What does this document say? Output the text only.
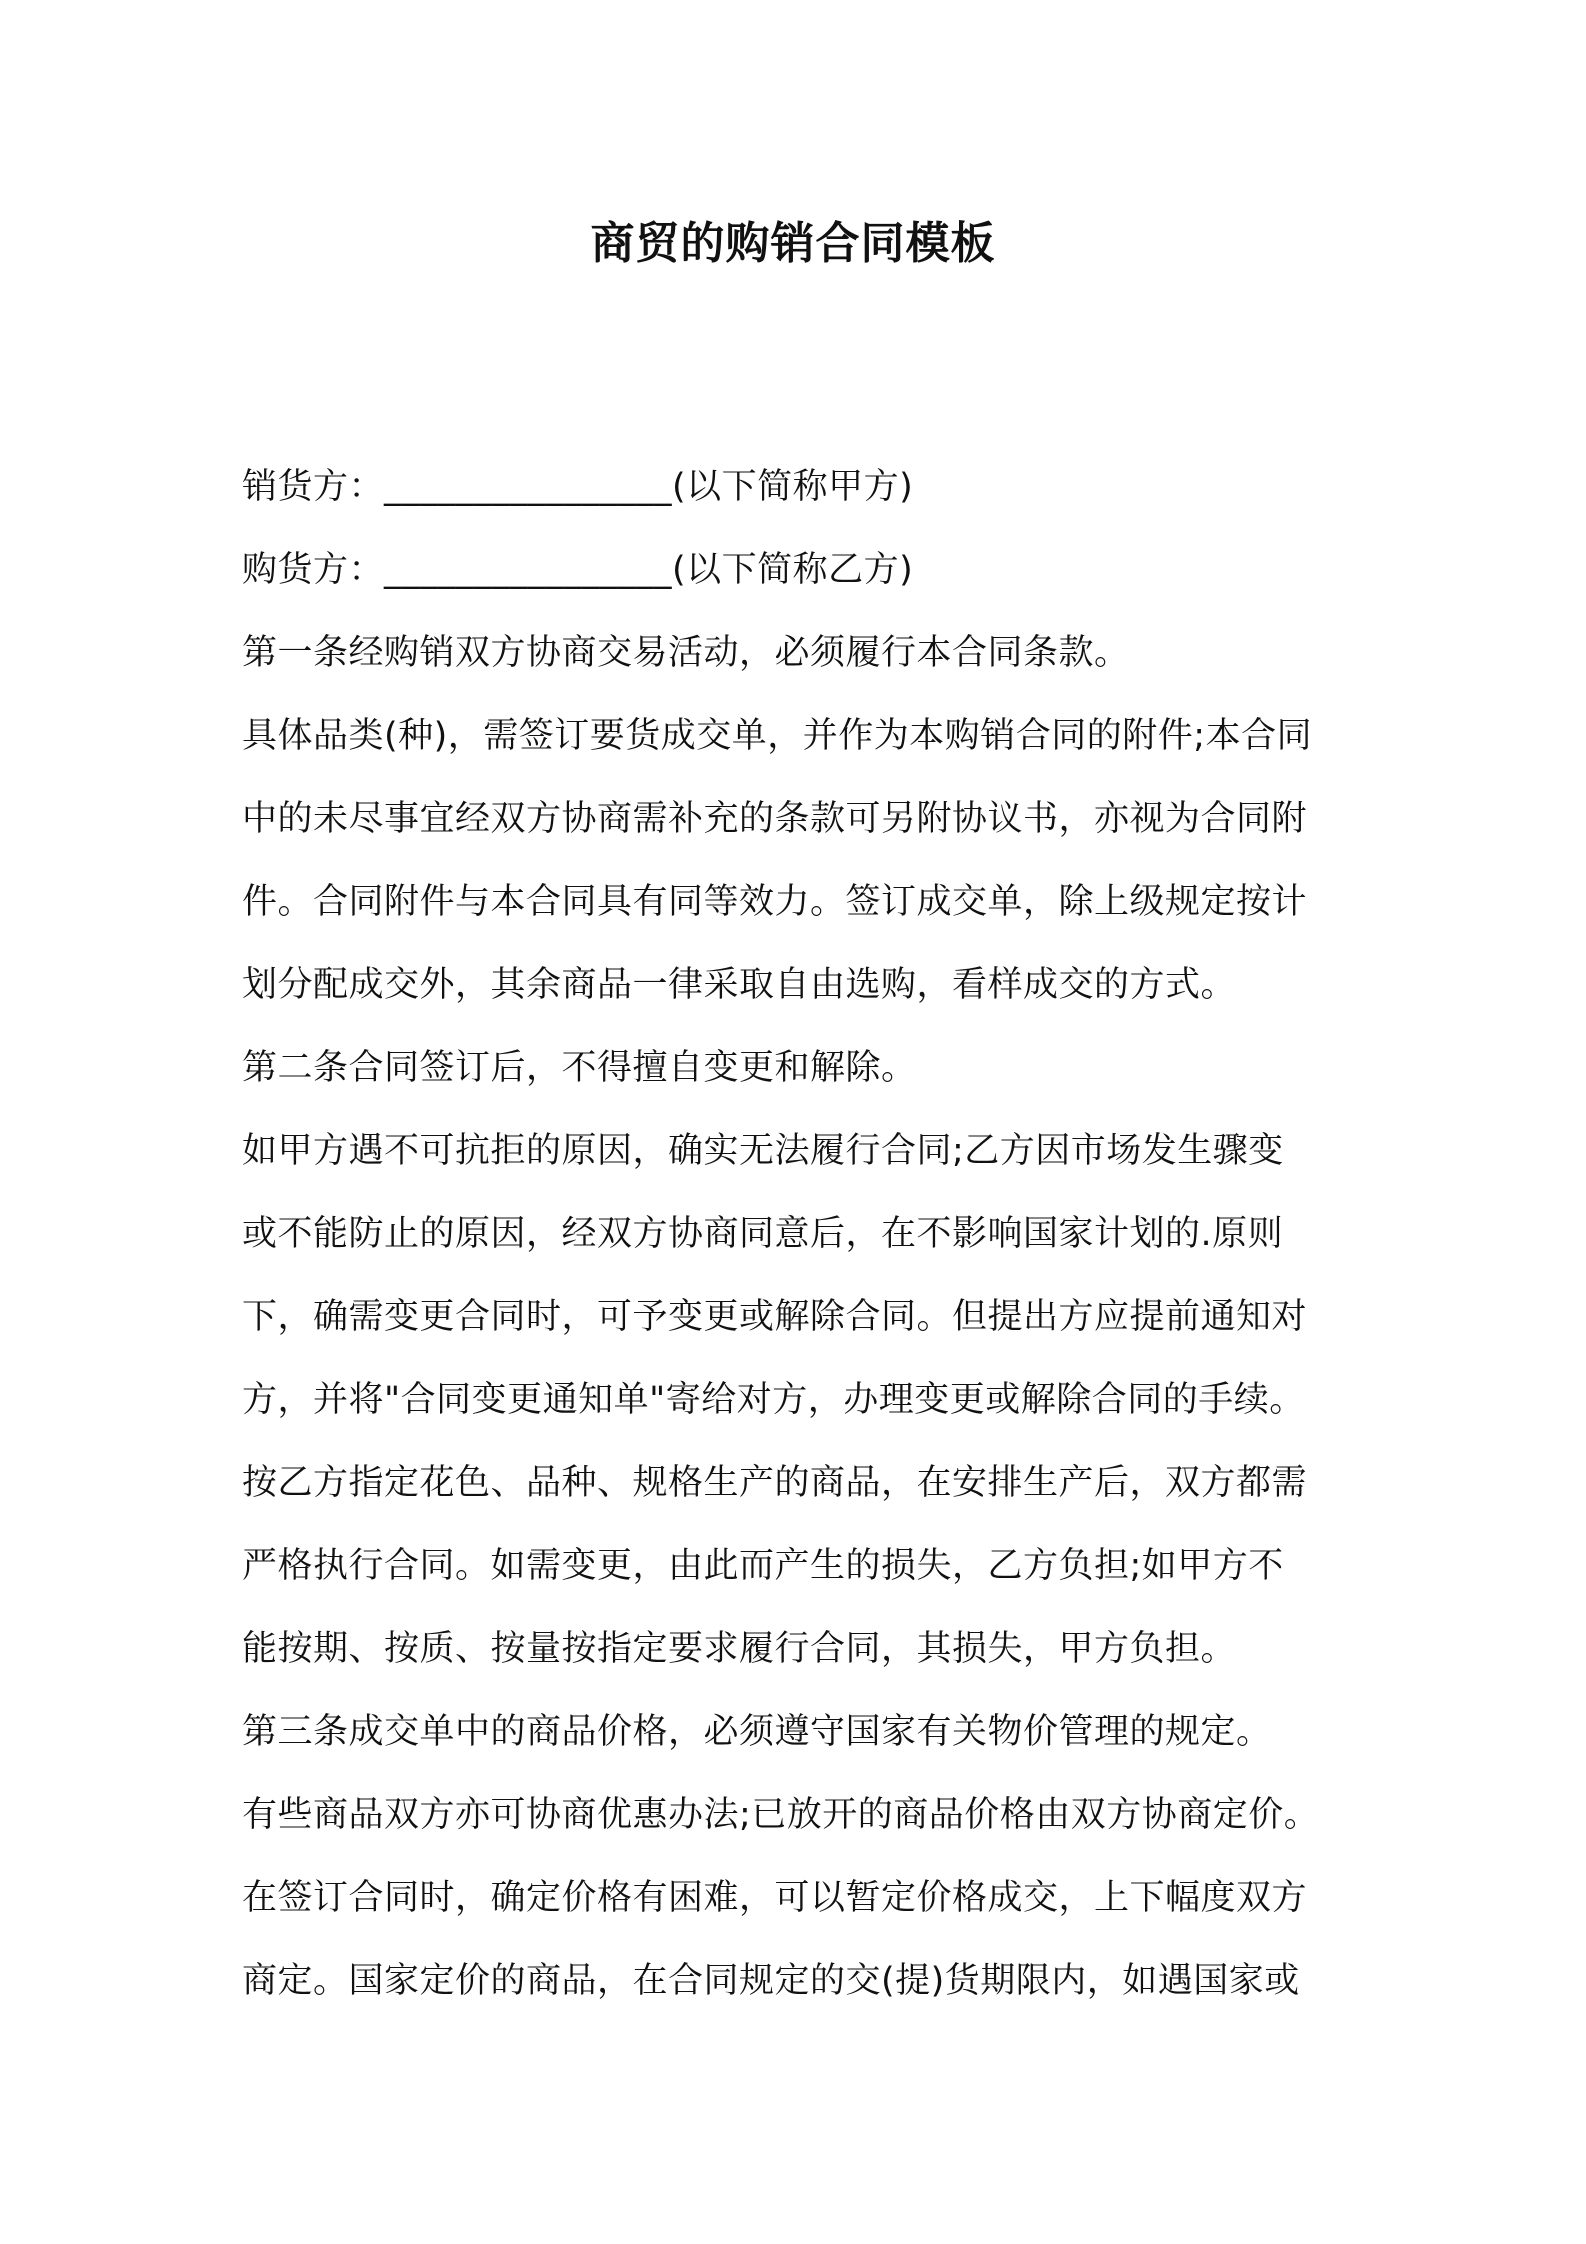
商贸的购销合同模板
销货方：________________(以下简称甲方)
购货方：________________(以下简称乙方)
第一条经购销双方协商交易活动，必须履行本合同条款。
具体品类(种)，需签订要货成交单，并作为本购销合同的附件;本合同
中的未尽事宜经双方协商需补充的条款可另附协议书，亦视为合同附
件。合同附件与本合同具有同等效力。签订成交单，除上级规定按计
划分配成交外，其余商品一律采取自由选购，看样成交的方式。
第二条合同签订后，不得擅自变更和解除。
如甲方遇不可抗拒的原因，确实无法履行合同;乙方因市场发生骤变
或不能防止的原因，经双方协商同意后，在不影响国家计划的.原则
下，确需变更合同时，可予变更或解除合同。但提出方应提前通知对
方，并将"合同变更通知单"寄给对方，办理变更或解除合同的手续。
按乙方指定花色、品种、规格生产的商品，在安排生产后，双方都需
严格执行合同。如需变更，由此而产生的损失，乙方负担;如甲方不
能按期、按质、按量按指定要求履行合同，其损失，甲方负担。
第三条成交单中的商品价格，必须遵守国家有关物价管理的规定。
有些商品双方亦可协商优惠办法;已放开的商品价格由双方协商定价。
在签订合同时，确定价格有困难，可以暂定价格成交，上下幅度双方
商定。国家定价的商品，在合同规定的交(提)货期限内，如遇国家或
